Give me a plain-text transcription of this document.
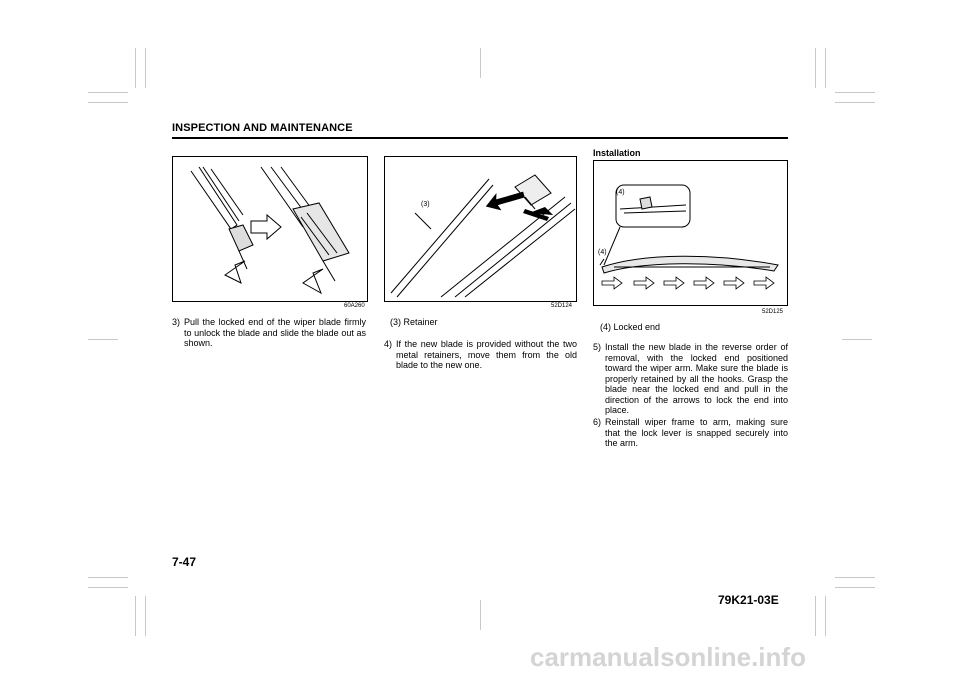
INSPECTION AND MAINTENANCE
60A260
(3)
52D124
(4)
(4)
52D125
3) Pull the locked end of the wiper blade firmly to unlock the blade and slide the blade out as shown.
(3) Retainer
4) If the new blade is provided without the two metal retainers, move them from the old blade to the new one.
Installation
(4) Locked end
5) Install the new blade in the reverse order of removal, with the locked end positioned toward the wiper arm. Make sure the blade is properly retained by all the hooks. Grasp the blade near the locked end and pull in the direction of the arrows to lock the end into place.
6) Reinstall wiper frame to arm, making sure that the lock lever is snapped securely into the arm.
7-47
79K21-03E
carmanualsonline.info
